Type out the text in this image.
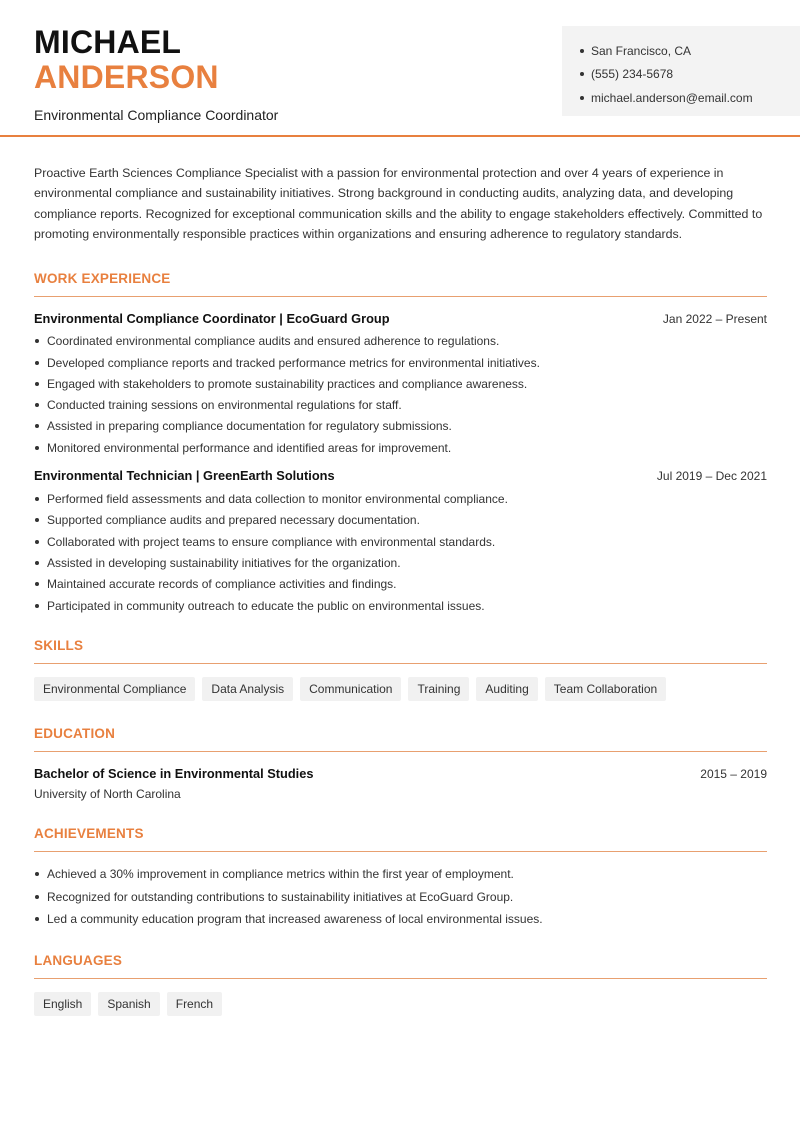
MICHAEL
ANDERSON
Environmental Compliance Coordinator
San Francisco, CA
(555) 234-5678
michael.anderson@email.com

Proactive Earth Sciences Compliance Specialist with a passion for environmental protection and over 4 years of experience in environmental compliance and sustainability initiatives. Strong background in conducting audits, analyzing data, and developing compliance reports. Recognized for exceptional communication skills and the ability to engage stakeholders effectively. Committed to promoting environmentally responsible practices within organizations and ensuring adherence to regulatory standards.

WORK EXPERIENCE
Environmental Compliance Coordinator | EcoGuard Group	Jan 2022 – Present
Coordinated environmental compliance audits and ensured adherence to regulations.
Developed compliance reports and tracked performance metrics for environmental initiatives.
Engaged with stakeholders to promote sustainability practices and compliance awareness.
Conducted training sessions on environmental regulations for staff.
Assisted in preparing compliance documentation for regulatory submissions.
Monitored environmental performance and identified areas for improvement.
Environmental Technician | GreenEarth Solutions	Jul 2019 – Dec 2021
Performed field assessments and data collection to monitor environmental compliance.
Supported compliance audits and prepared necessary documentation.
Collaborated with project teams to ensure compliance with environmental standards.
Assisted in developing sustainability initiatives for the organization.
Maintained accurate records of compliance activities and findings.
Participated in community outreach to educate the public on environmental issues.
SKILLS
Environmental Compliance	Data Analysis	Communication	Training	Auditing	Team Collaboration
EDUCATION
Bachelor of Science in Environmental Studies	2015 – 2019
University of North Carolina
ACHIEVEMENTS
Achieved a 30% improvement in compliance metrics within the first year of employment.
Recognized for outstanding contributions to sustainability initiatives at EcoGuard Group.
Led a community education program that increased awareness of local environmental issues.
LANGUAGES
English	Spanish	French
